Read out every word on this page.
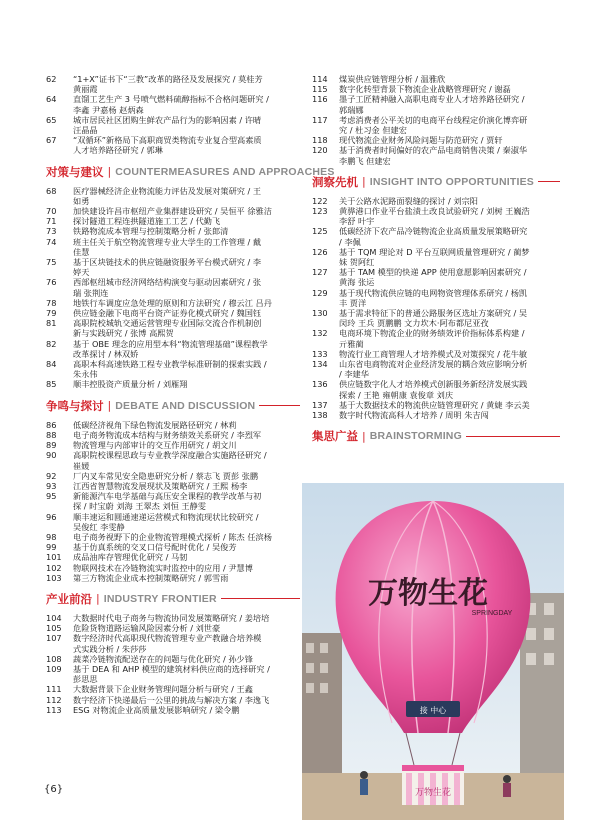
62	“1+X”证书下“三教”改革的路径及发展探究 / 莫桂芳
黄丽霞
64	直馏工艺生产 3 号喷气燃料硫醇指标不合格问题研究 /
李鑫 尹嘉杨 赵炳森
65	城市居民社区团购生鲜农产品行为的影响因素 / 许晴
汪晶晶
67	“双循环”新格局下高职商贸类物流专业复合型高素质
人才培养路径研究 / 郭琳
对策与建议 | COUNTERMEASURES AND APPROACHES
68	医疗器械经济企业物流能力评估及发展对策研究 / 王
如勇
70	加快建设许昌市枢纽产业集群建设研究 / 吴恒平 徐雅洁
71	探讨隧道工程连拱隧道施工工艺 / 代勤飞
73	铁路物流成本管理与控制策略分析 / 张郎清
74	班主任关于航空物流管理专业大学生的工作管理 / 戴
佳慧
75	基于区块链技术的供应链融资服务平台模式研究 / 李
婷天
76	西部枢纽城市经济网络结构演变与驱动因素研究 / 张
瑞 张荆连
78	地铁行车调度应急处理的原则和方法研究 / 穆云江 吕丹
79	供应链金融下电商平台资产证券化模式研究 / 魏国钰
81	高职院校城轨交通运营管理专业国际交流合作机制创
新与实践研究 / 张博 高熙贺
82	基于 OBE 理念的应用型本科“物流管理基础”课程教学
改革探讨 / 林双娇
84	高职本科高速铁路工程专业教学标准研制的探索实践 /
朱永伟
85	顺丰控股资产质量分析 / 刘雁翔
争鸣与探讨 | DEBATE AND DISCUSSION
86	低碳经济视角下绿色物流发展路径研究 / 林莉
88	电子商务物流成本结构与财务绩效关系研究 / 李烈军
89	物流管理与内部审计的交互作用研究 / 胡文川
90	高职院校课程思政与专业教学深度融合实施路径研究 /
崔媛
92	厂内叉车常见安全隐患研究分析 / 蔡志飞 贾彭 张鹏
93	江西省智慧物流发展现状及策略研究 / 王熙 杨李
95	新能源汽车电学基础与高压安全课程的教学改革与初
探 / 时宝蔚 刘海 王翠杰 刘恒 王静雯
96	顺丰速运和圆通速递运营模式和物流现状比较研究 /
吴俊红 李雯静
98	电子商务视野下的企业物流管理模式探析 / 陈杰 任滨杨
99	基于仿真系统的交叉口信号配时优化 / 吴俊芳
101	成品油库存管理优化研究 / 马韧
102	物联网技术在冷链物流实时监控中的应用 / 尹慧博
103	第三方物流企业成本控制策略研究 / 郭雪雨
产业前沿 | INDUSTRY FRONTIER
104	大数据时代电子商务与物流协同发展策略研究 / 姜培培
105	危险货物道路运输风险因素分析 / 刘世豪
107	数字经济时代高职现代物流管理专业产教融合培养模
式实践分析 / 朱莎莎
108	蔬菜冷链物流配送存在的问题与优化研究 / 孙少锋
109	基于 DEA 和 AHP 模型的建筑材料供应商的选择研究 /
彭思思
111	大数据背景下企业财务管理问题分析与研究 / 王鑫
112	数字经济下快递最后一公里的挑战与解决方案 / 李逸飞
113	ESG 对物流企业高质量发展影响研究 / 梁令鹏
114	煤炭供应链管理分析 / 温雅欣
115	数字化转型背景下物流企业战略管理研究 / 谢磊
116	墨子工匠精神融入高职电商专业人才培养路径研究 /
郭瑞娜
117	考虑消费者公平关切的电商平台线程定价演化博弈研
究 / 杜习金 但建宏
118	现代物流企业财务风险问题与防范研究 / 贾轩
120	基于消费者时间偏好的农产品电商销售决策 / 秦淑华
李鹏飞 但建宏
洞察先机 | INSIGHT INTO OPPORTUNITIES
122	关于公路水泥路面裂缝的探讨 / 刘宗阳
123	黄骅港口作业平台盐渍土改良试验研究 / 刘树 王巍浩
李舒 叶宇
125	低碳经济下农产品冷链物流企业高质量发展策略研究
/ 李佩
126	基于 TQM 理论对 D 平台互联网质量管理研究 / 蔺梦
妹 贺阿红
127	基于 TAM 模型的快递 APP 使用意愿影响因素研究 /
黄海 张运
129	基于现代物流供应链的电网物资管理体系研究 / 杨凯
丰 贾洋
130	基于需求特征下的普通公路服务区选址方案研究 / 吴
闵玲 王兵 贾鹏鹏 文力坎木·阿布都尼亚孜
132	电商环境下物流企业的财务绩效评价指标体系构建 /
亓雅蔺
133	物流行业工商管理人才培养模式及对策探究 / 花牛敏
134	山东省电商物流对企业经济发展的耦合效应影响分析
/ 李建华
136	供应链数字化人才培养模式创新服务新经济发展实践
探索 / 王艳 雍朝康 袁俊章 刘庆
137	基于大数据技术的物流供应链管理研究 / 黄婕 李云美
138	数字时代物流高科人才培养 / 周明 朱吉闯
集思广益 | BRAINSTORMING
万物生花
SPRINGDAY
接 中心
万物生花
{6}
